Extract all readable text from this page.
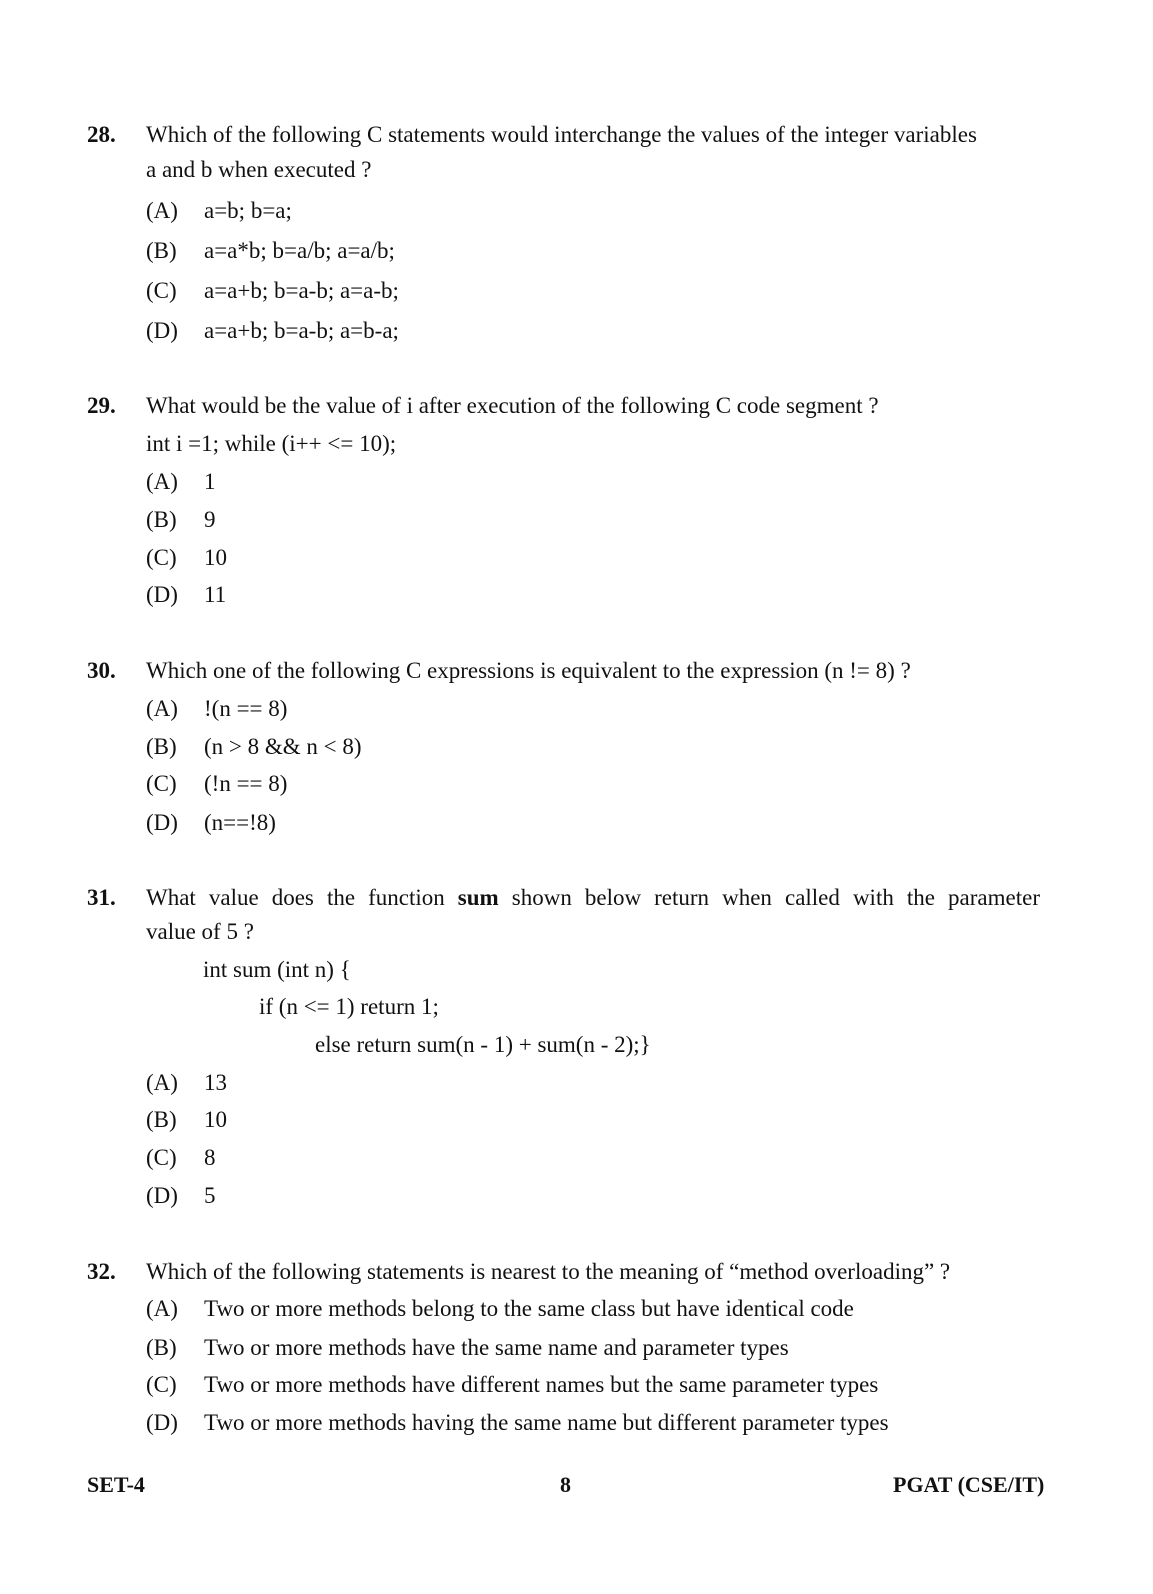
28. Which of the following C statements would interchange the values of the integer variables
a and b when executed ?
(A) a=b; b=a;
(B) a=a*b; b=a/b; a=a/b;
(C) a=a+b; b=a-b; a=a-b;
(D) a=a+b; b=a-b; a=b-a;
29. What would be the value of i after execution of the following C code segment ?
int i =1; while (i++ <= 10);
(A) 1
(B) 9
(C) 10
(D) 11
30. Which one of the following C expressions is equivalent to the expression (n != 8) ?
(A) !(n == 8)
(B) (n > 8 && n < 8)
(C) (!n == 8)
(D) (n==!8)
31. What value does the function sum shown below return when called with the parameter
value of 5 ?
int sum (int n) {
if (n <= 1) return 1;
else return sum(n - 1) + sum(n - 2);}
(A) 13
(B) 10
(C) 8
(D) 5
32. Which of the following statements is nearest to the meaning of “method overloading” ?
(A) Two or more methods belong to the same class but have identical code
(B) Two or more methods have the same name and parameter types
(C) Two or more methods have different names but the same parameter types
(D) Two or more methods having the same name but different parameter types
SET-4	8	PGAT (CSE/IT)
